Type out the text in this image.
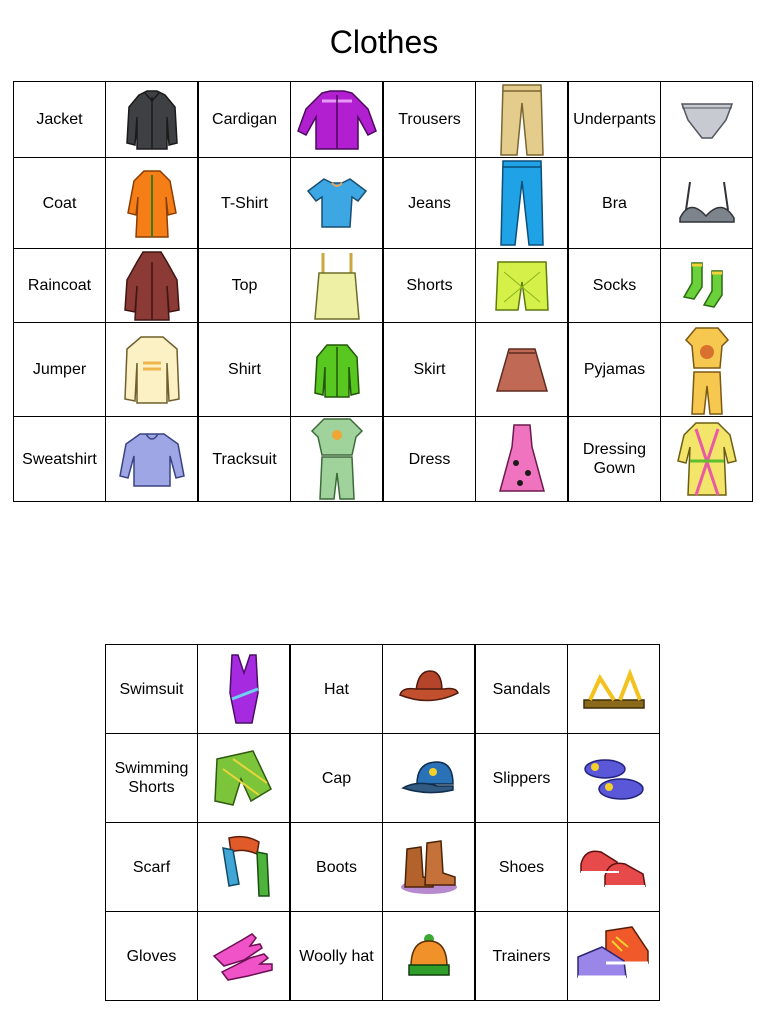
Clothes
Jacket		Cardigan		Trousers		Underpants	

Coat		T-Shirt		Jeans		Bra	

Raincoat		Top		Shorts		Socks	

Jumper		Shirt		Skirt		Pyjamas	

Sweatshirt		Tracksuit		Dress		Dressing Gown	
Swimsuit		Hat		Sandals	

Swimming Shorts		Cap		Slippers	

Scarf		Boots		Shoes	

Gloves		Woolly hat		Trainers	
